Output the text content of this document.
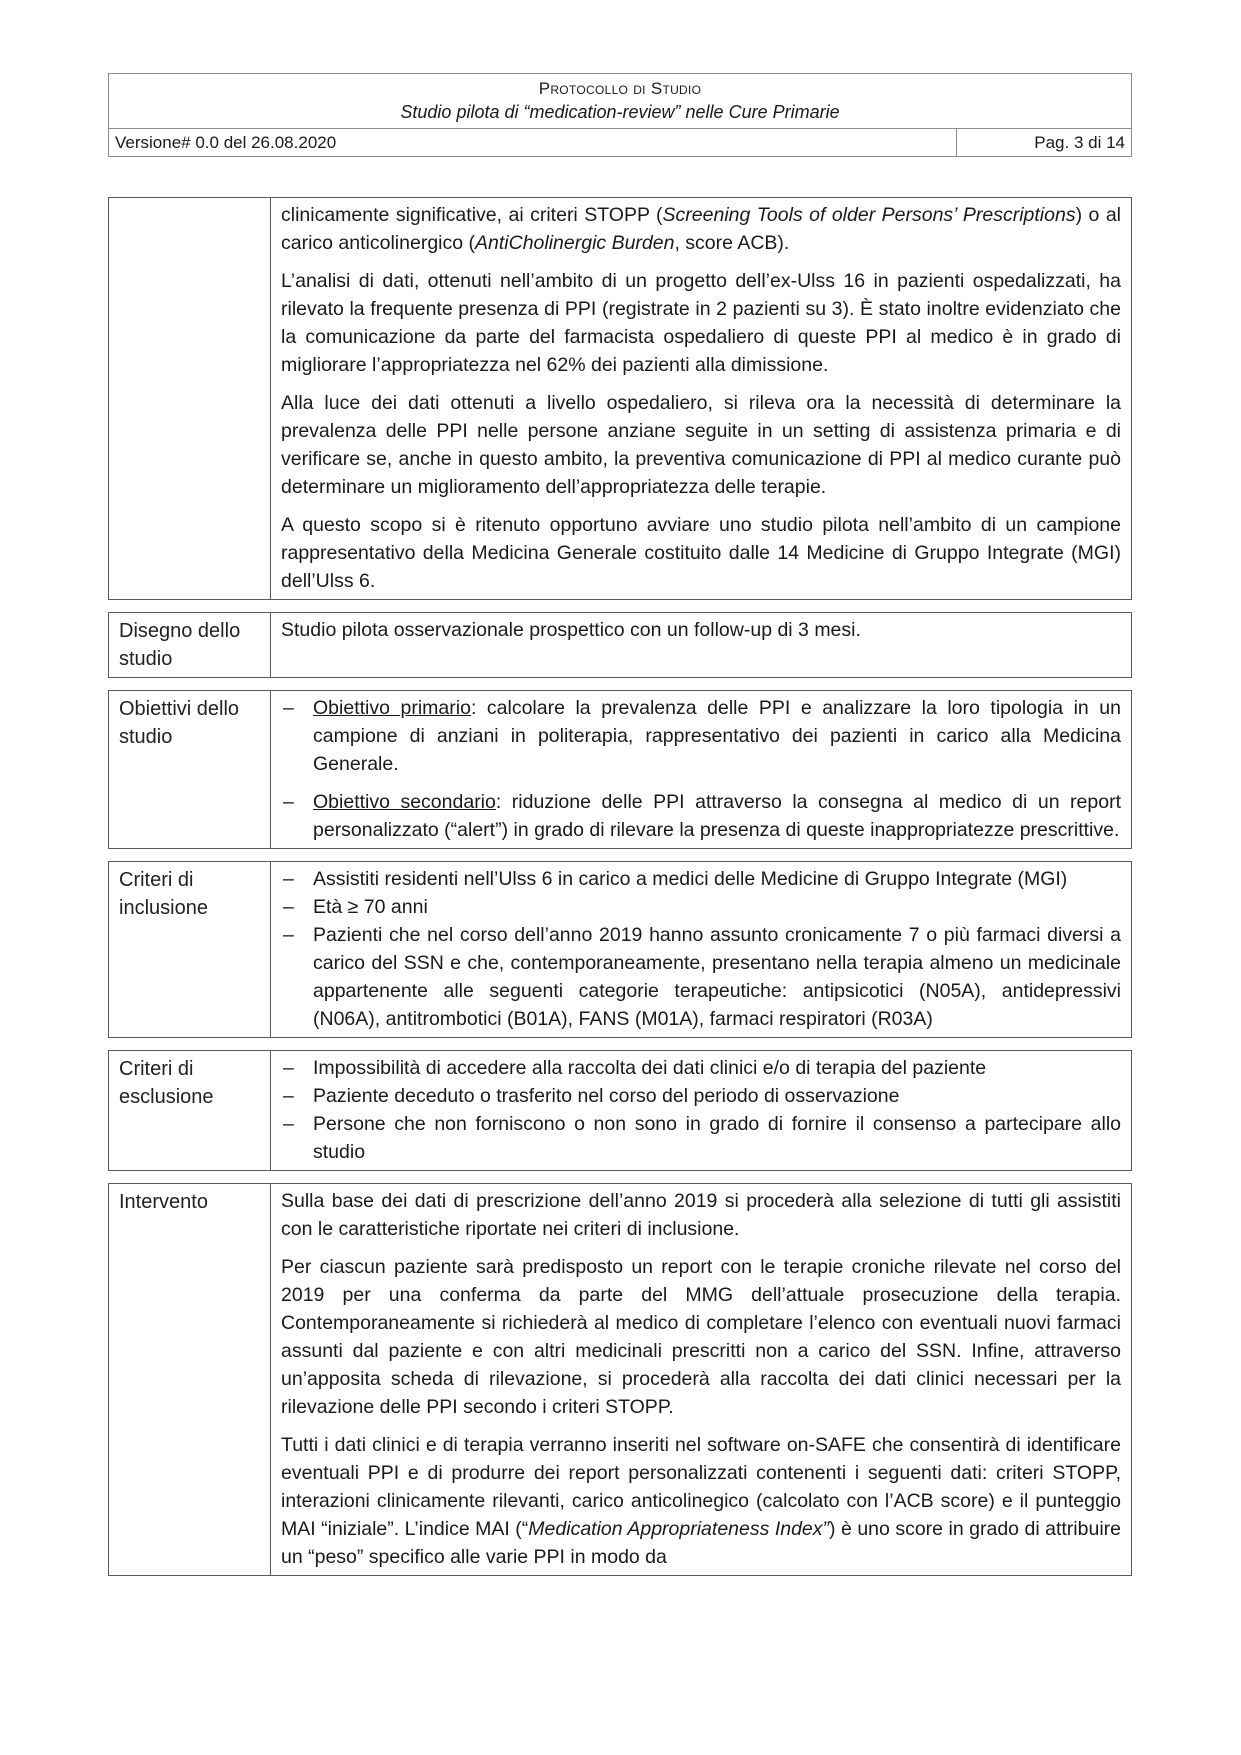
Protocollo di Studio
Studio pilota di “medication-review” nelle Cure Primarie
Versione# 0.0 del 26.08.2020	Pag. 3 di 14

clinicamente significative, ai criteri STOPP (Screening Tools of older Persons’ Prescriptions) o al carico anticolinergico (AntiCholinergic Burden, score ACB).

L’analisi di dati, ottenuti nell’ambito di un progetto dell’ex-Ulss 16 in pazienti ospedalizzati, ha rilevato la frequente presenza di PPI (registrate in 2 pazienti su 3). È stato inoltre evidenziato che la comunicazione da parte del farmacista ospedaliero di queste PPI al medico è in grado di migliorare l’appropriatezza nel 62% dei pazienti alla dimissione.

Alla luce dei dati ottenuti a livello ospedaliero, si rileva ora la necessità di determinare la prevalenza delle PPI nelle persone anziane seguite in un setting di assistenza primaria e di verificare se, anche in questo ambito, la preventiva comunicazione di PPI al medico curante può determinare un miglioramento dell’appropriatezza delle terapie.

A questo scopo si è ritenuto opportuno avviare uno studio pilota nell’ambito di un campione rappresentativo della Medicina Generale costituito dalle 14 Medicine di Gruppo Integrate (MGI) dell’Ulss 6.

Disegno dello studio

Studio pilota osservazionale prospettico con un follow-up di 3 mesi.

Obiettivi dello studio
– Obiettivo primario: calcolare la prevalenza delle PPI e analizzare la loro tipologia in un campione di anziani in politerapia, rappresentativo dei pazienti in carico alla Medicina Generale.
– Obiettivo secondario: riduzione delle PPI attraverso la consegna al medico di un report personalizzato (“alert”) in grado di rilevare la presenza di queste inappropriatezze prescrittive.
Criteri di inclusione
– Assistiti residenti nell’Ulss 6 in carico a medici delle Medicine di Gruppo Integrate (MGI)
– Età ≥ 70 anni
– Pazienti che nel corso dell’anno 2019 hanno assunto cronicamente 7 o più farmaci diversi a carico del SSN e che, contemporaneamente, presentano nella terapia almeno un medicinale appartenente alle seguenti categorie terapeutiche: antipsicotici (N05A), antidepressivi (N06A), antitrombotici (B01A), FANS (M01A), farmaci respiratori (R03A)
Criteri di esclusione
– Impossibilità di accedere alla raccolta dei dati clinici e/o di terapia del paziente
– Paziente deceduto o trasferito nel corso del periodo di osservazione
– Persone che non forniscono o non sono in grado di fornire il consenso a partecipare allo studio
Intervento	Sulla base dei dati di prescrizione dell’anno 2019 si procederà alla selezione di tutti gli assistiti con le caratteristiche riportate nei criteri di inclusione.

Per ciascun paziente sarà predisposto un report con le terapie croniche rilevate nel corso del 2019 per una conferma da parte del MMG dell’attuale prosecuzione della terapia. Contemporaneamente si richiederà al medico di completare l’elenco con eventuali nuovi farmaci assunti dal paziente e con altri medicinali prescritti non a carico del SSN. Infine, attraverso un’apposita scheda di rilevazione, si procederà alla raccolta dei dati clinici necessari per la rilevazione delle PPI secondo i criteri STOPP.

Tutti i dati clinici e di terapia verranno inseriti nel software on-SAFE che consentirà di identificare eventuali PPI e di produrre dei report personalizzati contenenti i seguenti dati: criteri STOPP, interazioni clinicamente rilevanti, carico anticolinegico (calcolato con l’ACB score) e il punteggio MAI “iniziale”. L’indice MAI (“Medication Appropriateness Index”) è uno score in grado di attribuire un “peso” specifico alle varie PPI in modo da
